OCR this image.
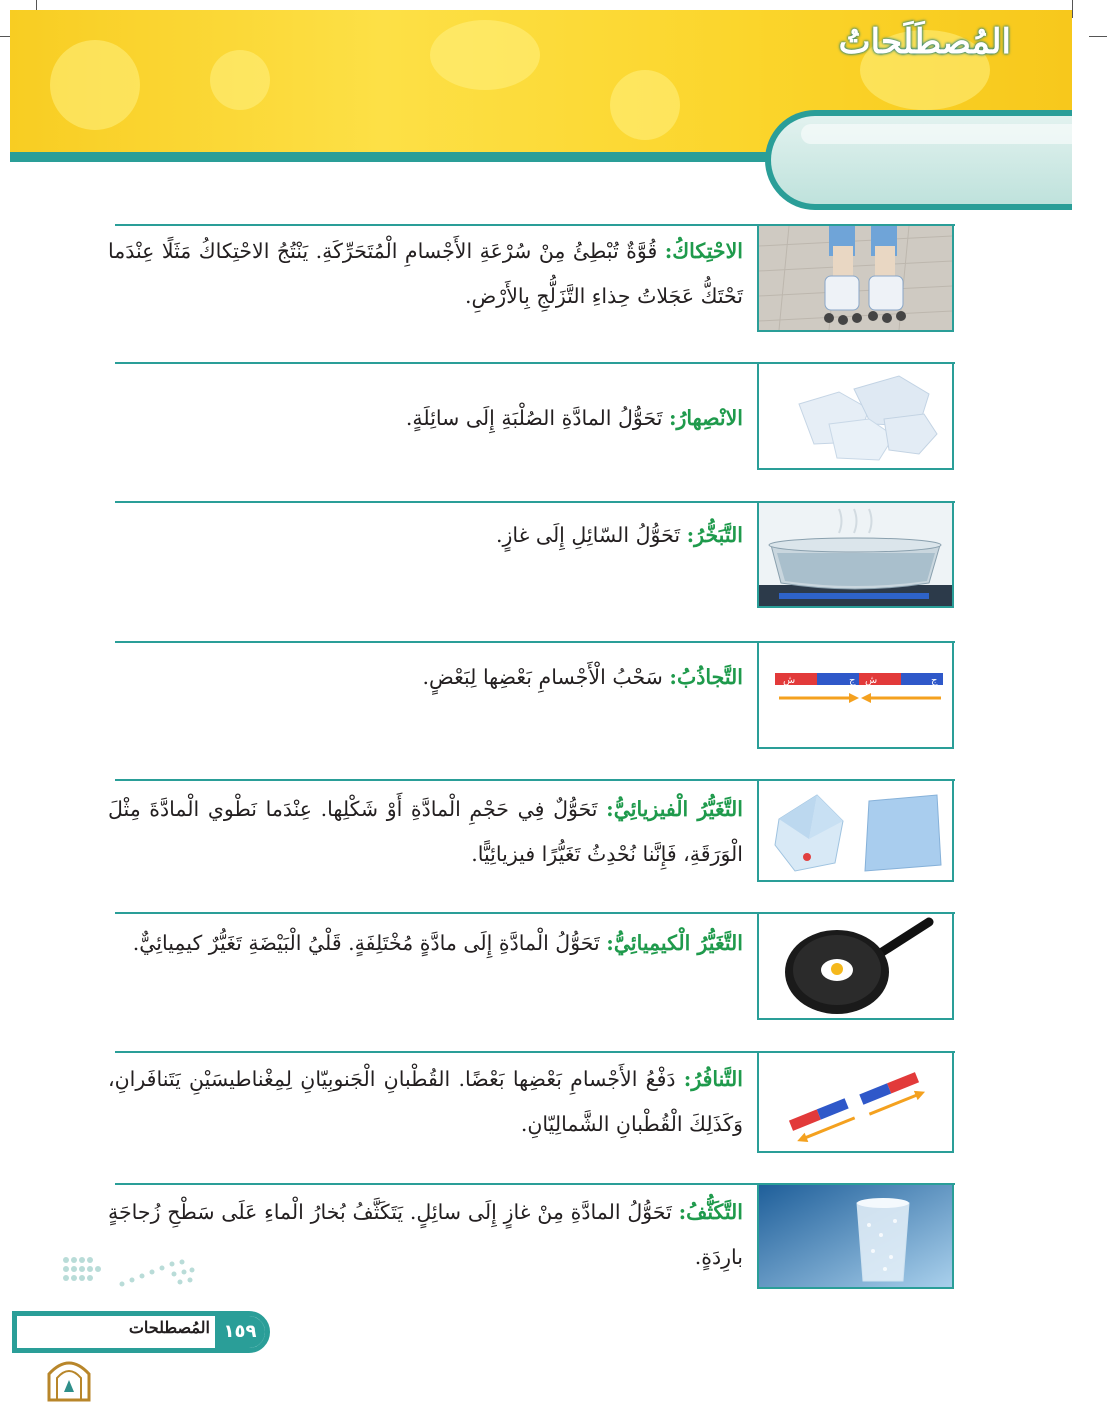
المُصطَلَحاتُ
الاحْتِكاكُ: قُوَّةٌ تُبْطِئُ مِنْ سُرْعَةِ الأَجْسامِ الْمُتَحَرِّكَةِ. يَنْتُجُ الاحْتِكاكُ مَثَلًا عِنْدَما تَحْتَكُّ عَجَلاتُ حِذاءِ التَّزَلُّجِ بِالأَرْضِ.
الانْصِهارُ: تَحَوُّلُ المادَّةِ الصُلْبَةِ إِلَى سائِلَةٍ.
التَّبَخُّرُ: تَحَوُّلُ السّائِلِ إِلَى غازٍ.
ش	ج ش	ج
التَّجاذُبُ: سَحْبُ الْأَجْسامِ بَعْضِها لِبَعْضٍ.
التَّغَيُّرُ الْفيزيائِيُّ: تَحَوُّلٌ فِي حَجْمِ الْمادَّةِ أَوْ شَكْلِها. عِنْدَما نَطْوي الْمادَّةَ مِثْلَ الْوَرَقَةِ، فَإِنَّنا نُحْدِثُ تَغَيُّرًا فيزيائِيًّا.
التَّغَيُّرُ الْكيمِيائِيُّ: تَحَوُّلُ الْمادَّةِ إِلَى مادَّةٍ مُخْتَلِفَةٍ. قَلْيُ الْبَيْضَةِ تَغَيُّرٌ كيمِيائِيٌّ.
التَّنافُرُ: دَفْعُ الأَجْسامِ بَعْضِها بَعْضًا. القُطْبانِ الْجَنوبِيّانِ لِمِغْناطيسَيْنِ يَتَنافَرانِ، وَكَذَلِكَ الْقُطْبانِ الشَّمالِيّانِ.
التَّكَثُّفُ: تَحَوُّلُ المادَّةِ مِنْ غازٍ إِلَى سائِلٍ. يَتَكَثَّفُ بُخارُ الْماءِ عَلَى سَطْحِ زُجاجَةٍ بارِدَةٍ.
١٥٩
المُصطلحات
